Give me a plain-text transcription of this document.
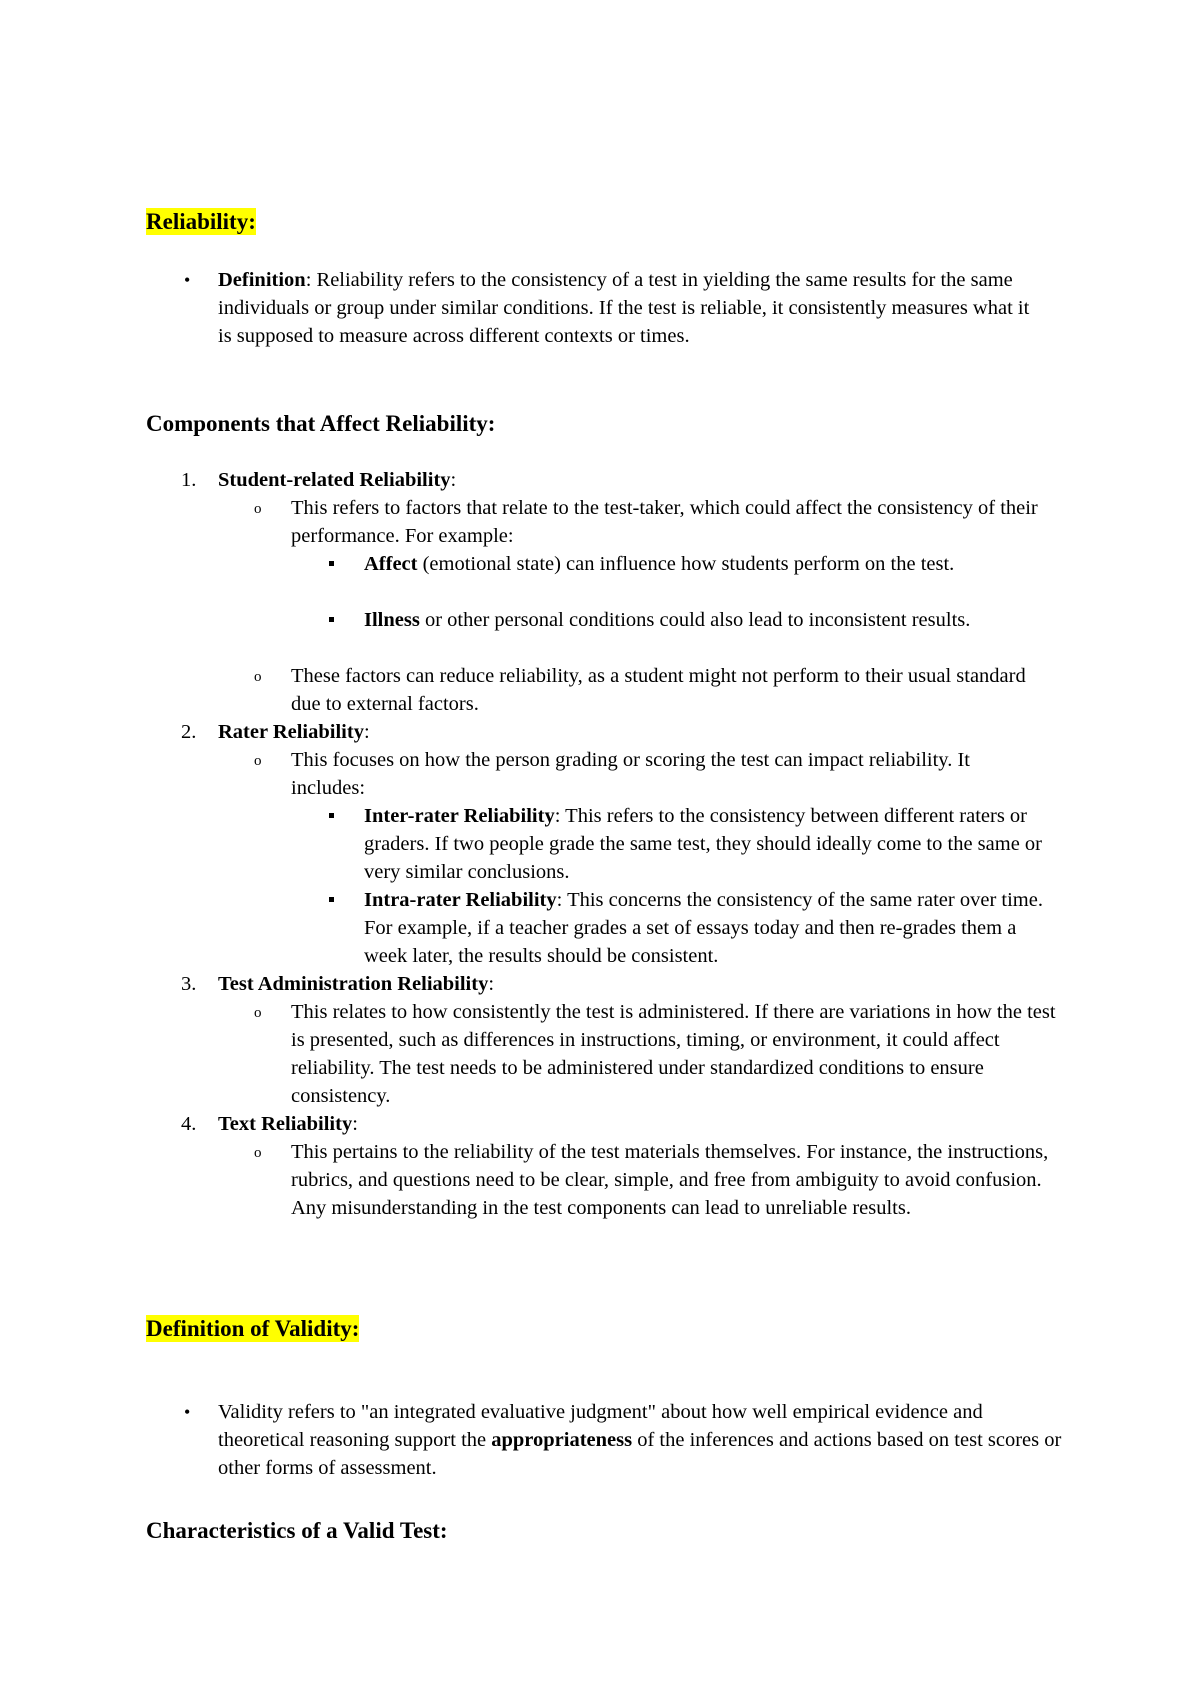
Reliability:
• Definition: Reliability refers to the consistency of a test in yielding the same results for the same individuals or group under similar conditions. If the test is reliable, it consistently measures what it is supposed to measure across different contexts or times.
Components that Affect Reliability:
1. Student-related Reliability:
o This refers to factors that relate to the test-taker, which could affect the consistency of their performance. For example:
Affect (emotional state) can influence how students perform on the test.
Illness or other personal conditions could also lead to inconsistent results.
o These factors can reduce reliability, as a student might not perform to their usual standard due to external factors.
2. Rater Reliability:
o This focuses on how the person grading or scoring the test can impact reliability. It includes:
Inter-rater Reliability: This refers to the consistency between different raters or graders. If two people grade the same test, they should ideally come to the same or very similar conclusions.
Intra-rater Reliability: This concerns the consistency of the same rater over time. For example, if a teacher grades a set of essays today and then re-grades them a week later, the results should be consistent.
3. Test Administration Reliability:
o This relates to how consistently the test is administered. If there are variations in how the test is presented, such as differences in instructions, timing, or environment, it could affect reliability. The test needs to be administered under standardized conditions to ensure consistency.
4. Text Reliability:
o This pertains to the reliability of the test materials themselves. For instance, the instructions, rubrics, and questions need to be clear, simple, and free from ambiguity to avoid confusion. Any misunderstanding in the test components can lead to unreliable results.
Definition of Validity:
• Validity refers to "an integrated evaluative judgment" about how well empirical evidence and theoretical reasoning support the appropriateness of the inferences and actions based on test scores or other forms of assessment.
Characteristics of a Valid Test:
